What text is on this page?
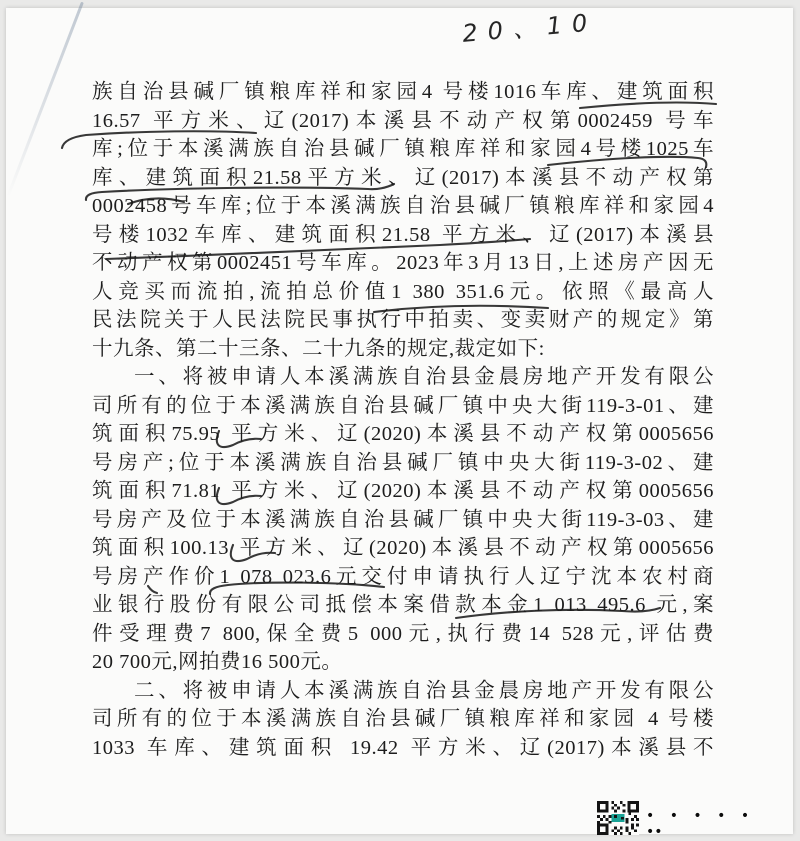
20、10
族自治县碱厂镇粮库祥和家园4 号楼1016车库、建筑面积
16.57 平方米、辽(2017)本溪县不动产权第0002459 号车
库;位于本溪满族自治县碱厂镇粮库祥和家园4号楼1025车
库、建筑面积21.58平方米、辽(2017)本溪县不动产权第
0002458号车库;位于本溪满族自治县碱厂镇粮库祥和家园4
号楼1032车库、建筑面积21.58 平方米、辽(2017)本溪县
不动产权第0002451号车库。2023年3月13日,上述房产因无
人竞买而流拍,流拍总价值1 380 351.6元。依照《最高人
民法院关于人民法院民事执行中拍卖、变卖财产的规定》第
十九条、第二十三条、二十九条的规定,裁定如下:
一、将被申请人本溪满族自治县金晨房地产开发有限公
司所有的位于本溪满族自治县碱厂镇中央大街119-3-01、建
筑面积75.95 平方米、辽(2020)本溪县不动产权第0005656
号房产;位于本溪满族自治县碱厂镇中央大街119-3-02、建
筑面积71.81 平方米、辽(2020)本溪县不动产权第0005656
号房产及位于本溪满族自治县碱厂镇中央大街119-3-03、建
筑面积100.13 平方米、辽(2020)本溪县不动产权第0005656
号房产作价1 078 023.6元交付申请执行人辽宁沈本农村商
业银行股份有限公司抵偿本案借款本金1 013 495.6 元,案
件受理费7 800,保全费5 000元,执行费14 528元,评估费
20 700元,网拍费16 500元。
二、将被申请人本溪满族自治县金晨房地产开发有限公
司所有的位于本溪满族自治县碱厂镇粮库祥和家园 4 号楼
1033 车库、建筑面积 19.42 平方米、辽(2017)本溪县不
• • • • • ••
